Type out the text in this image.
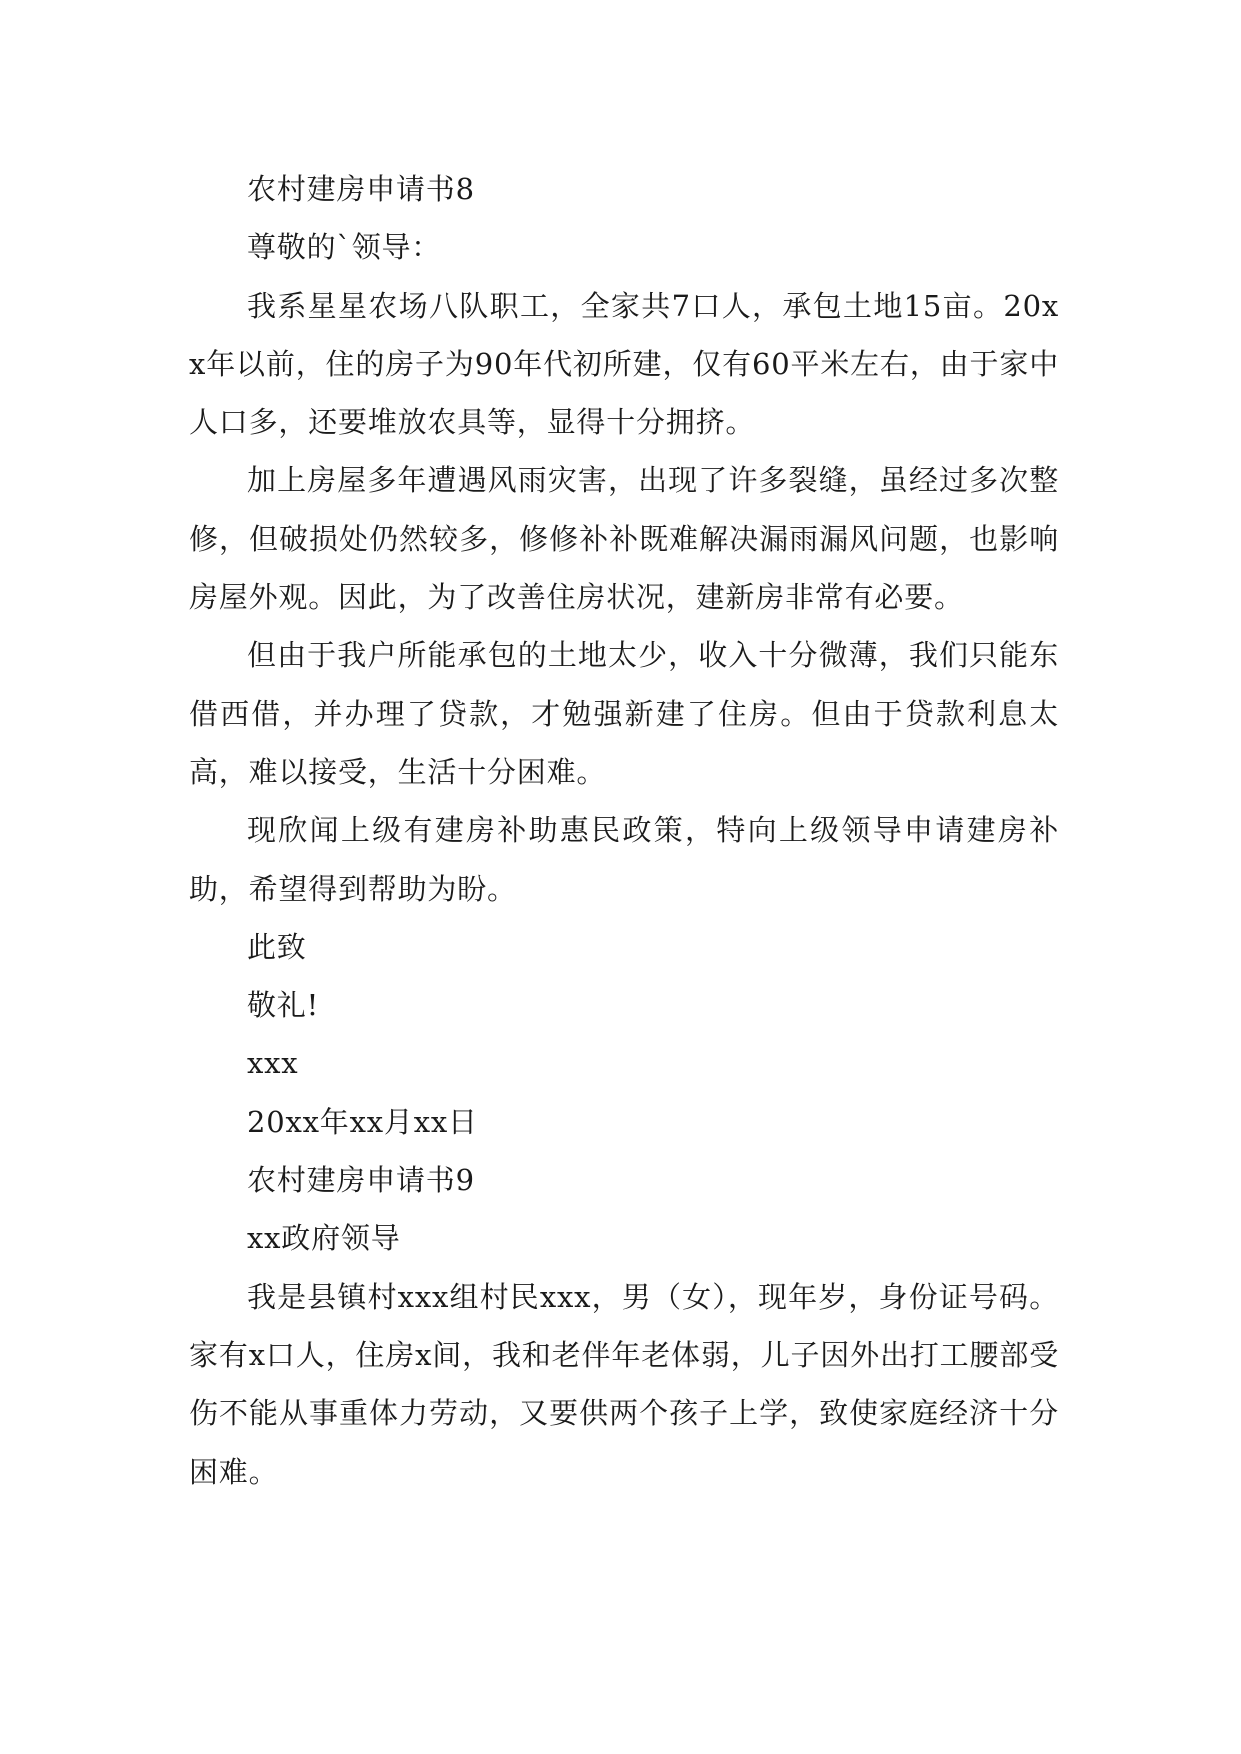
农村建房申请书8

尊敬的`领导：

我系星星农场八队职工，全家共7口人，承包土地15亩。20xx年以前，住的房子为90年代初所建，仅有60平米左右，由于家中人口多，还要堆放农具等，显得十分拥挤。

加上房屋多年遭遇风雨灾害，出现了许多裂缝，虽经过多次整修，但破损处仍然较多，修修补补既难解决漏雨漏风问题，也影响房屋外观。因此，为了改善住房状况，建新房非常有必要。

但由于我户所能承包的土地太少，收入十分微薄，我们只能东借西借，并办理了贷款，才勉强新建了住房。但由于贷款利息太高，难以接受，生活十分困难。

现欣闻上级有建房补助惠民政策，特向上级领导申请建房补助，希望得到帮助为盼。

此致

敬礼!

xxx

20xx年xx月xx日

农村建房申请书9

xx政府领导

我是县镇村xxx组村民xxx，男（女），现年岁，身份证号码。家有x口人，住房x间，我和老伴年老体弱，儿子因外出打工腰部受伤不能从事重体力劳动，又要供两个孩子上学，致使家庭经济十分困难。
